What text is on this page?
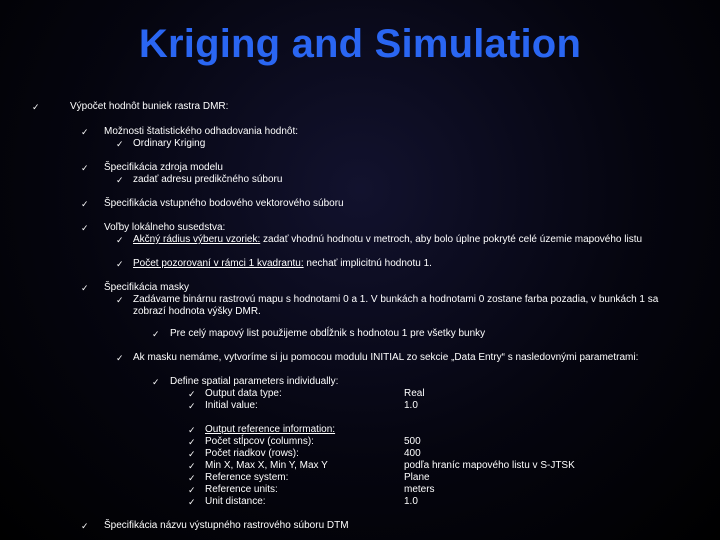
Kriging and Simulation
✓	Výpočet hodnôt buniek rastra DMR:
✓ Možnosti štatistického odhadovania hodnôt:
✓ Ordinary Kriging
✓ Špecifikácia zdroja modelu
✓ zadať adresu predikčného súboru
✓ Špecifikácia vstupného bodového vektorového súboru
✓ Voľby lokálneho susedstva:
✓ Akčný rádius výberu vzoriek: zadať vhodnú hodnotu v metroch, aby bolo úplne pokryté celé územie mapového listu
✓ Počet pozorovaní v rámci 1 kvadrantu: nechať implicitnú hodnotu 1.
✓ Špecifikácia masky
✓ Zadávame binárnu rastrovú mapu s hodnotami 0 a 1. V bunkách a hodnotami 0 zostane farba pozadia, v bunkách 1 sa zobrazí hodnota výšky DMR.
✓ Pre celý mapový list použijeme obdĺžnik s hodnotou 1 pre všetky bunky
✓ Ak masku nemáme, vytvoríme si ju pomocou modulu INITIAL zo sekcie „Data Entry“ s nasledovnými parametrami:
✓ Define spatial parameters individually:
✓ Output data type:	Real
✓ Initial value:	1.0
✓ Output reference information:
✓ Počet stĺpcov (columns):	500
✓ Počet riadkov (rows):	400
✓ Min X, Max X, Min Y, Max Y	podľa hraníc mapového listu v S-JTSK
✓ Reference system:	Plane
✓ Reference units:	meters
✓ Unit distance:	1.0
✓ Špecifikácia názvu výstupného rastrového súboru DTM
